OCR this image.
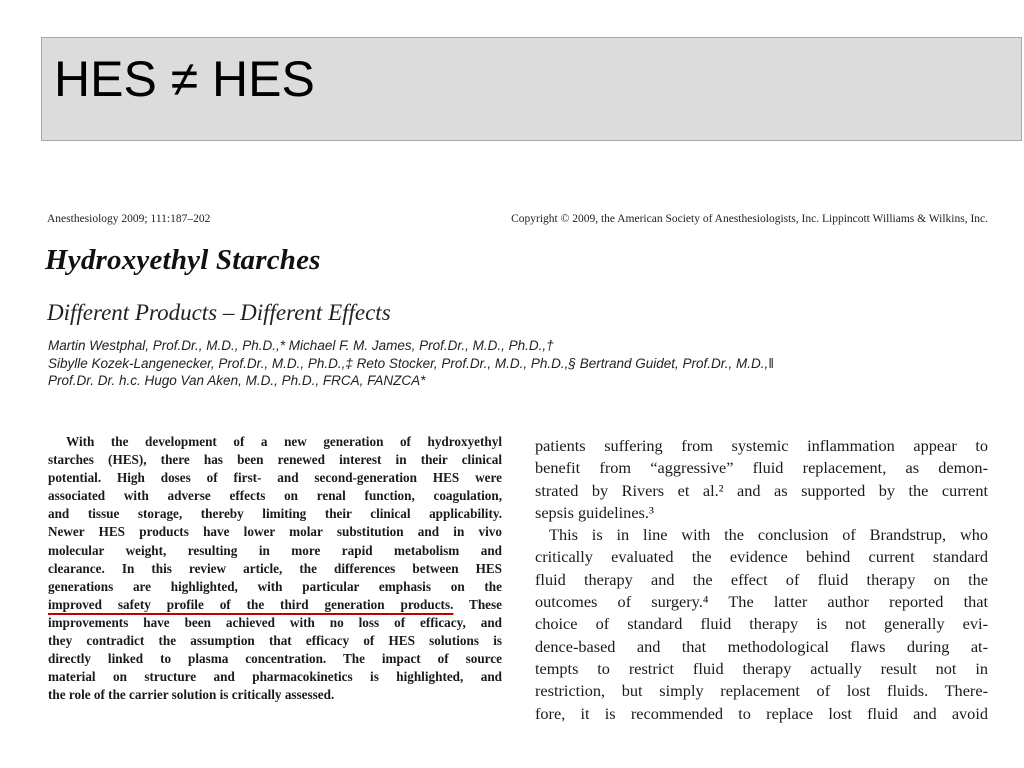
HES ≠ HES
Anesthesiology 2009; 111:187–202	Copyright © 2009, the American Society of Anesthesiologists, Inc. Lippincott Williams & Wilkins, Inc.
Hydroxyethyl Starches
Different Products – Different Effects
Martin Westphal, Prof.Dr., M.D., Ph.D.,* Michael F. M. James, Prof.Dr., M.D., Ph.D.,†
Sibylle Kozek-Langenecker, Prof.Dr., M.D., Ph.D.,‡ Reto Stocker, Prof.Dr., M.D., Ph.D.,§ Bertrand Guidet, Prof.Dr., M.D.,‖
Prof.Dr. Dr. h.c. Hugo Van Aken, M.D., Ph.D., FRCA, FANZCA*
With the development of a new generation of hydroxyethyl
starches (HES), there has been renewed interest in their clinical
potential. High doses of first- and second-generation HES were
associated with adverse effects on renal function, coagulation,
and tissue storage, thereby limiting their clinical applicability.
Newer HES products have lower molar substitution and in vivo
molecular weight, resulting in more rapid metabolism and
clearance. In this review article, the differences between HES
generations are highlighted, with particular emphasis on the
improved safety profile of the third generation products. These
improvements have been achieved with no loss of efficacy, and
they contradict the assumption that efficacy of HES solutions is
directly linked to plasma concentration. The impact of source
material on structure and pharmacokinetics is highlighted, and
the role of the carrier solution is critically assessed.
patients suffering from systemic inflammation appear to
benefit from “aggressive” fluid replacement, as demon-
strated by Rivers et al.² and as supported by the current
sepsis guidelines.³
This is in line with the conclusion of Brandstrup, who
critically evaluated the evidence behind current standard
fluid therapy and the effect of fluid therapy on the
outcomes of surgery.⁴ The latter author reported that
choice of standard fluid therapy is not generally evi-
dence-based and that methodological flaws during at-
tempts to restrict fluid therapy actually result not in
restriction, but simply replacement of lost fluids. There-
fore, it is recommended to replace lost fluid and avoid
